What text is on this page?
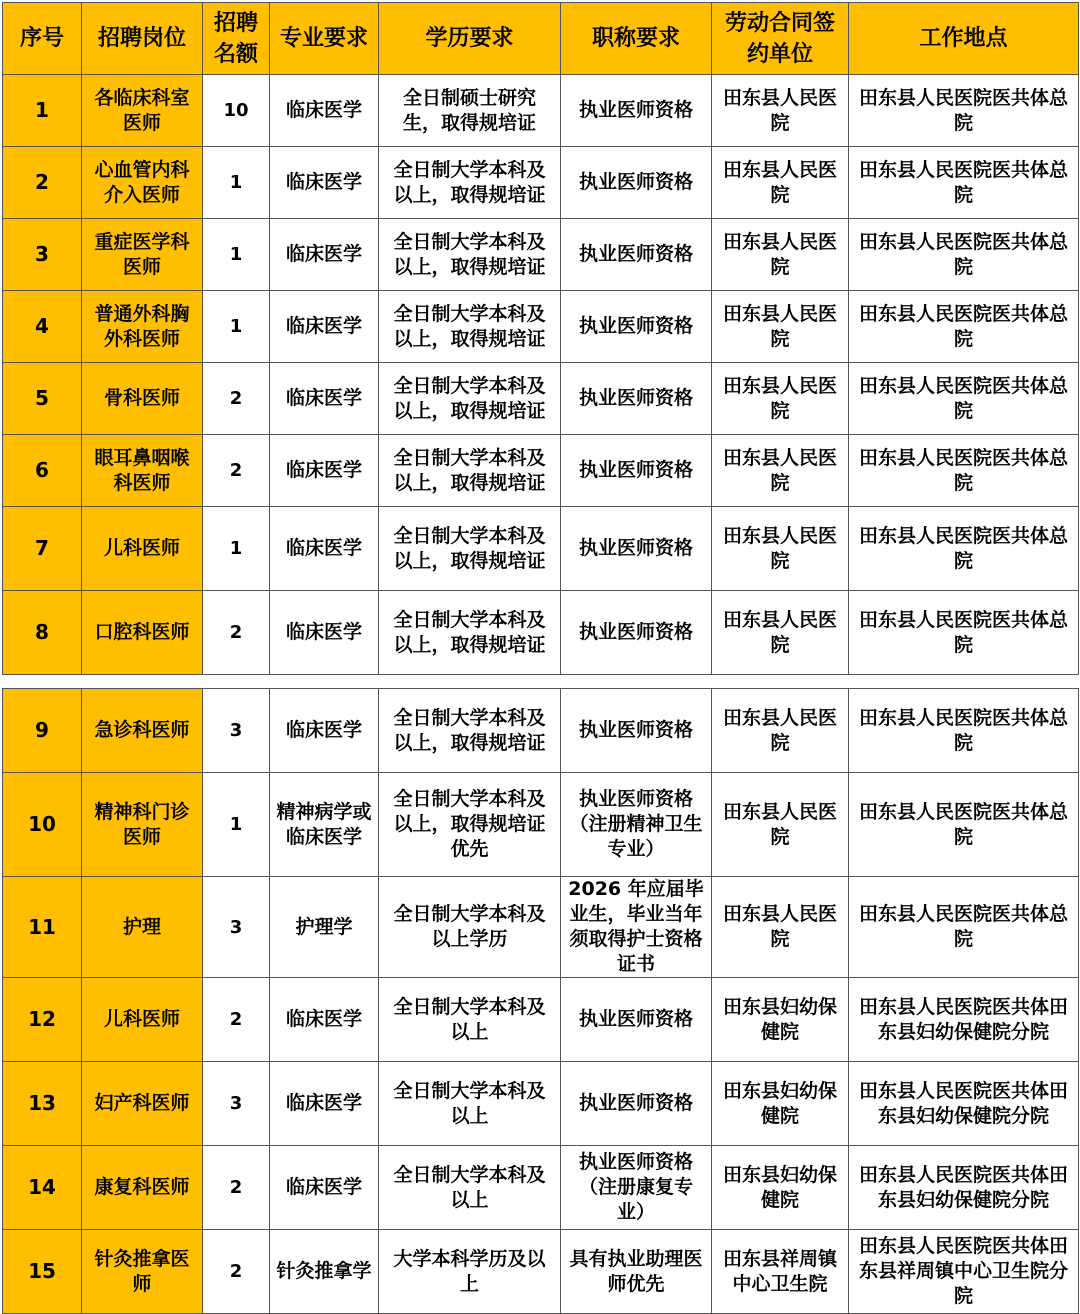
序号	招聘岗位	招聘名额	专业要求	学历要求	职称要求	劳动合同签约单位	工作地点
1	各临床科室医师	10	临床医学	全日制硕士研究生，取得规培证	执业医师资格	田东县人民医院	田东县人民医院医共体总院
2	心血管内科介入医师	1	临床医学	全日制大学本科及以上，取得规培证	执业医师资格	田东县人民医院	田东县人民医院医共体总院
3	重症医学科医师	1	临床医学	全日制大学本科及以上，取得规培证	执业医师资格	田东县人民医院	田东县人民医院医共体总院
4	普通外科胸外科医师	1	临床医学	全日制大学本科及以上，取得规培证	执业医师资格	田东县人民医院	田东县人民医院医共体总院
5	骨科医师	2	临床医学	全日制大学本科及以上，取得规培证	执业医师资格	田东县人民医院	田东县人民医院医共体总院
6	眼耳鼻咽喉科医师	2	临床医学	全日制大学本科及以上，取得规培证	执业医师资格	田东县人民医院	田东县人民医院医共体总院
7	儿科医师	1	临床医学	全日制大学本科及以上，取得规培证	执业医师资格	田东县人民医院	田东县人民医院医共体总院
8	口腔科医师	2	临床医学	全日制大学本科及以上，取得规培证	执业医师资格	田东县人民医院	田东县人民医院医共体总院
9	急诊科医师	3	临床医学	全日制大学本科及以上，取得规培证	执业医师资格	田东县人民医院	田东县人民医院医共体总院
10	精神科门诊医师	1	精神病学或临床医学	全日制大学本科及以上，取得规培证优先	执业医师资格（注册精神卫生专业）	田东县人民医院	田东县人民医院医共体总院
11	护理	3	护理学	全日制大学本科及以上学历	2026 年应届毕业生，毕业当年须取得护士资格证书	田东县人民医院	田东县人民医院医共体总院
12	儿科医师	2	临床医学	全日制大学本科及以上	执业医师资格	田东县妇幼保健院	田东县人民医院医共体田东县妇幼保健院分院
13	妇产科医师	3	临床医学	全日制大学本科及以上	执业医师资格	田东县妇幼保健院	田东县人民医院医共体田东县妇幼保健院分院
14	康复科医师	2	临床医学	全日制大学本科及以上	执业医师资格（注册康复专业）	田东县妇幼保健院	田东县人民医院医共体田东县妇幼保健院分院
15	针灸推拿医师	2	针灸推拿学	大学本科学历及以上	具有执业助理医师优先	田东县祥周镇中心卫生院	田东县人民医院医共体田东县祥周镇中心卫生院分院
